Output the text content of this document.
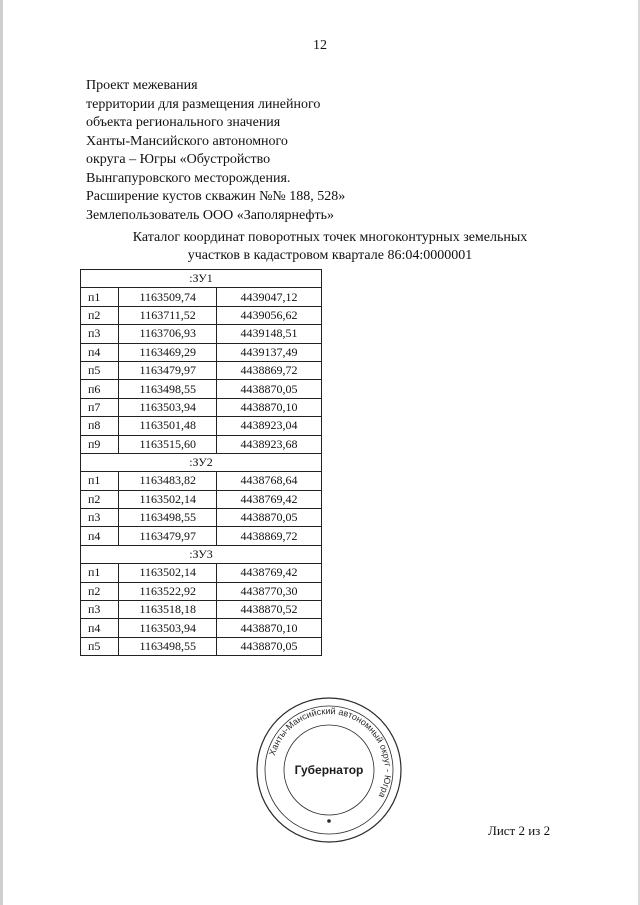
12
Проект межевания
территории для размещения линейного
объекта регионального значения
Ханты-Мансийского автономного
округа – Югры «Обустройство
Вынгапуровского месторождения.
Расширение кустов скважин №№ 188, 528»
Землепользователь ООО «Заполярнефть»
Каталог координат поворотных точек многоконтурных земельных
участков в кадастровом квартале 86:04:0000001
:ЗУ1		
п1	1163509,74	4439047,12
п2	1163711,52	4439056,62
п3	1163706,93	4439148,51
п4	1163469,29	4439137,49
п5	1163479,97	4438869,72
п6	1163498,55	4438870,05
п7	1163503,94	4438870,10
п8	1163501,48	4438923,04
п9	1163515,60	4438923,68
:ЗУ2		
п1	1163483,82	4438768,64
п2	1163502,14	4438769,42
п3	1163498,55	4438870,05
п4	1163479,97	4438869,72
:ЗУ3		
п1	1163502,14	4438769,42
п2	1163522,92	4438770,30
п3	1163518,18	4438870,52
п4	1163503,94	4438870,10
п5	1163498,55	4438870,05
Ханты-Мансийский автономный округ - Югра
Губернатор
Лист 2 из 2
